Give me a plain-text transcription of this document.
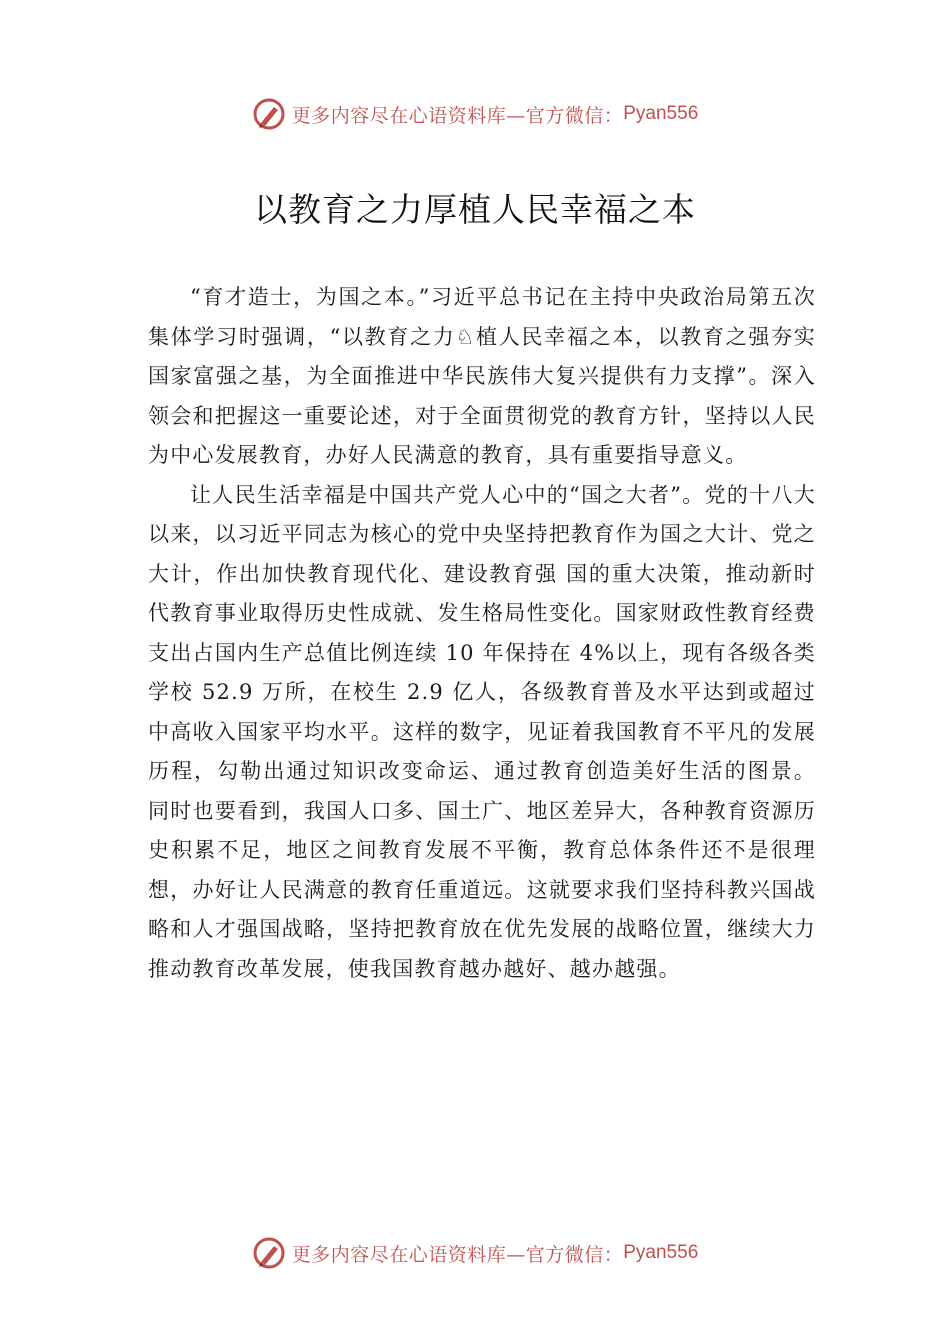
更多内容尽在心语资料库—官方微信： Pyan556
以教育之力厚植人民幸福之本

“育才造士，为国之本。”习近平总书记在主持中央政治局第五次集体学习时强调，“以教育之力♘植人民幸福之本，以教育之强夯实国家富强之基，为全面推进中华民族伟大复兴提供有力支撑”。深入领会和把握这一重要论述，对于全面贯彻党的教育方针，坚持以人民为中心发展教育，办好人民满意的教育，具有重要指导意义。

让人民生活幸福是中国共产党人心中的“国之大者”。党的十八大以来，以习近平同志为核心的党中央坚持把教育作为国之大计、党之大计，作出加快教育现代化、建设教育强 国的重大决策，推动新时代教育事业取得历史性成就、发生格局性变化。国家财政性教育经费支出占国内生产总值比例连续 10 年保持在 4%以上，现有各级各类学校 52.9 万所，在校生 2.9 亿人，各级教育普及水平达到或超过中高收入国家平均水平。这样的数字，见证着我国教育不平凡的发展历程，勾勒出通过知识改变命运、通过教育创造美好生活的图景。 同时也要看到，我国人口多、国土广、地区差异大，各种教育资源历史积累不足，地区之间教育发展不平衡，教育总体条件还不是很理想，办好让人民满意的教育任重道远。这就要求我们坚持科教兴国战略和人才强国战略，坚持把教育放在优先发展的战略位置，继续大力推动教育改革发展，使我国教育越办越好、越办越强。

更多内容尽在心语资料库—官方微信： Pyan556
